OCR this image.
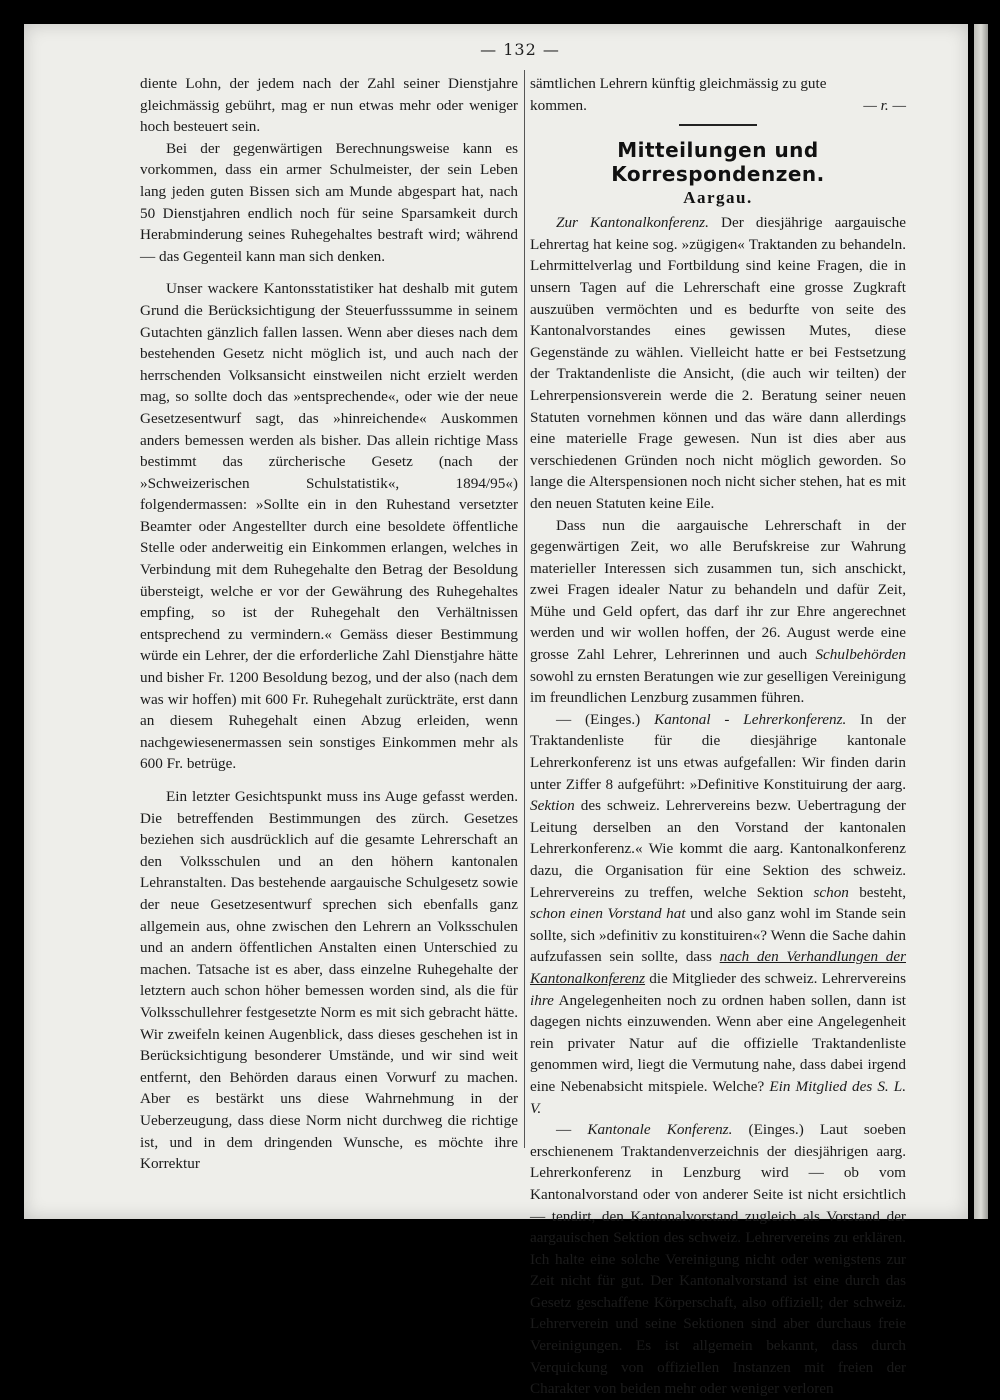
— 132 —

diente Lohn, der jedem nach der Zahl seiner Dienstjahre gleichmässig gebührt, mag er nun etwas mehr oder weniger hoch besteuert sein.

Bei der gegenwärtigen Berechnungsweise kann es vorkommen, dass ein armer Schulmeister, der sein Leben lang jeden guten Bissen sich am Munde abgespart hat, nach 50 Dienstjahren endlich noch für seine Sparsamkeit durch Herabminderung seines Ruhegehaltes bestraft wird; während — das Gegenteil kann man sich denken.

Unser wackere Kantonsstatistiker hat deshalb mit gutem Grund die Berücksichtigung der Steuerfusssumme in seinem Gutachten gänzlich fallen lassen. Wenn aber dieses nach dem bestehenden Gesetz nicht möglich ist, und auch nach der herrschenden Volksansicht einstweilen nicht erzielt werden mag, so sollte doch das »entsprechende«, oder wie der neue Gesetzesentwurf sagt, das »hinreichende« Auskommen anders bemessen werden als bisher. Das allein richtige Mass bestimmt das zürcherische Gesetz (nach der »Schweizerischen Schulstatistik«, 1894/95«) folgendermassen: »Sollte ein in den Ruhestand versetzter Beamter oder Angestellter durch eine besoldete öffentliche Stelle oder anderweitig ein Einkommen erlangen, welches in Verbindung mit dem Ruhegehalte den Betrag der Besoldung übersteigt, welche er vor der Gewährung des Ruhegehaltes empfing, so ist der Ruhegehalt den Verhältnissen entsprechend zu vermindern.« Gemäss dieser Bestimmung würde ein Lehrer, der die erforderliche Zahl Dienstjahre hätte und bisher Fr. 1200 Besoldung bezog, und der also (nach dem was wir hoffen) mit 600 Fr. Ruhegehalt zurückträte, erst dann an diesem Ruhegehalt einen Abzug erleiden, wenn nachgewiesenermassen sein sonstiges Einkommen mehr als 600 Fr. betrüge.

Ein letzter Gesichtspunkt muss ins Auge gefasst werden. Die betreffenden Bestimmungen des zürch. Gesetzes beziehen sich ausdrücklich auf die gesamte Lehrerschaft an den Volksschulen und an den höhern kantonalen Lehranstalten. Das bestehende aargauische Schulgesetz sowie der neue Gesetzesentwurf sprechen sich ebenfalls ganz allgemein aus, ohne zwischen den Lehrern an Volksschulen und an andern öffentlichen Anstalten einen Unterschied zu machen. Tatsache ist es aber, dass einzelne Ruhegehalte der letztern auch schon höher bemessen worden sind, als die für Volksschullehrer festgesetzte Norm es mit sich gebracht hätte. Wir zweifeln keinen Augenblick, dass dieses geschehen ist in Berücksichtigung besonderer Umstände, und wir sind weit entfernt, den Behörden daraus einen Vorwurf zu machen. Aber es bestärkt uns diese Wahrnehmung in der Ueberzeugung, dass diese Norm nicht durchweg die richtige ist, und in dem dringenden Wunsche, es möchte ihre Korrektur

sämtlichen Lehrern künftig gleichmässig zu gute

kommen.	— r. —
Mitteilungen und Korrespondenzen.
Aargau.

Zur Kantonalkonferenz. Der diesjährige aargauische Lehrertag hat keine sog. »zügigen« Traktanden zu behandeln. Lehrmittelverlag und Fortbildung sind keine Fragen, die in unsern Tagen auf die Lehrerschaft eine grosse Zugkraft auszuüben vermöchten und es bedurfte von seite des Kantonalvorstandes eines gewissen Mutes, diese Gegenstände zu wählen. Vielleicht hatte er bei Festsetzung der Traktandenliste die Ansicht, (die auch wir teilten) der Lehrerpensionsverein werde die 2. Beratung seiner neuen Statuten vornehmen können und das wäre dann allerdings eine materielle Frage gewesen. Nun ist dies aber aus verschiedenen Gründen noch nicht möglich geworden. So lange die Alterspensionen noch nicht sicher stehen, hat es mit den neuen Statuten keine Eile.

Dass nun die aargauische Lehrerschaft in der gegenwärtigen Zeit, wo alle Berufskreise zur Wahrung materieller Interessen sich zusammen tun, sich anschickt, zwei Fragen idealer Natur zu behandeln und dafür Zeit, Mühe und Geld opfert, das darf ihr zur Ehre angerechnet werden und wir wollen hoffen, der 26. August werde eine grosse Zahl Lehrer, Lehrerinnen und auch Schulbehörden sowohl zu ernsten Beratungen wie zur geselligen Vereinigung im freundlichen Lenzburg zusammen führen.

— (Einges.) Kantonal - Lehrerkonferenz. In der Traktandenliste für die diesjährige kantonale Lehrerkonferenz ist uns etwas aufgefallen: Wir finden darin unter Ziffer 8 aufgeführt: »Definitive Konstituirung der aarg. Sektion des schweiz. Lehrervereins bezw. Uebertragung der Leitung derselben an den Vorstand der kantonalen Lehrerkonferenz.« Wie kommt die aarg. Kantonalkonferenz dazu, die Organisation für eine Sektion des schweiz. Lehrervereins zu treffen, welche Sektion schon besteht, schon einen Vorstand hat und also ganz wohl im Stande sein sollte, sich »definitiv zu konstituiren«? Wenn die Sache dahin aufzufassen sein sollte, dass nach den Verhandlungen der Kantonalkonferenz die Mitglieder des schweiz. Lehrervereins ihre Angelegenheiten noch zu ordnen haben sollen, dann ist dagegen nichts einzuwenden. Wenn aber eine Angelegenheit rein privater Natur auf die offizielle Traktandenliste genommen wird, liegt die Vermutung nahe, dass dabei irgend eine Nebenabsicht mitspiele. Welche? Ein Mitglied des S. L. V.

— Kantonale Konferenz. (Einges.) Laut soeben erschienenem Traktandenverzeichnis der diesjährigen aarg. Lehrerkonferenz in Lenzburg wird — ob vom Kantonalvorstand oder von anderer Seite ist nicht ersichtlich — tendirt, den Kantonalvorstand zugleich als Vorstand der aargauischen Sektion des schweiz. Lehrervereins zu erklären. Ich halte eine solche Vereinigung nicht oder wenigstens zur Zeit nicht für gut. Der Kantonalvorstand ist eine durch das Gesetz geschaffene Körperschaft, also offiziell; der schweiz. Lehrerverein und seine Sektionen sind aber durchaus freie Vereinigungen. Es ist allgemein bekannt, dass durch Verquickung von offiziellen Instanzen mit freien der Charakter von beiden mehr oder weniger verloren
